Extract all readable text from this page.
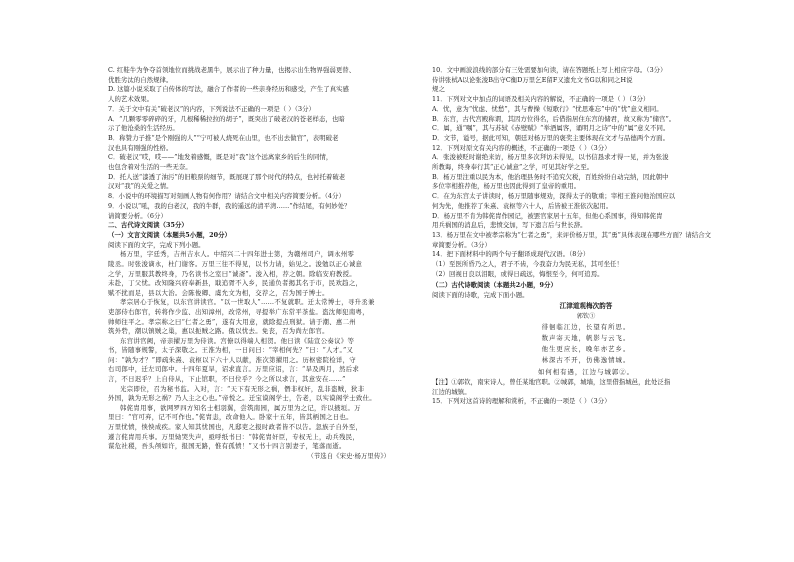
C. 红鞋牛为争夺首领地位而挑战老黑牛，展示出了种力量，也揭示出生物界强弱更替、
优胜劣汰的自然规律。
D. 这篇小说采取了自传体的写法，融合了作者的一些亲身经历和感受，产生了真实感
人的艺术效果。
7．关于文中有关“破老汉”的内容，下列说法不正确的一项是（ ）（3分）
A．“几颗零零碎碎的牙，几根稀稀拉拉的胡子”，既突出了破老汉的苍老样态，也暗
示了他沧桑的生活经历。
B．称赞力子推“是个刚强的人”“宁可被人烧死在山里，也不出去做官”，表明破老
汉也具有刚强的性格。
C．破老汉“哎，哎——”地发着感慨，既是对“我”这个远离家乡的后生的同情，
也包含着对生活的一些无奈。
D．托人送“漆透了油污”的旧粮票的细节，既展现了那个时代的特点，也衬托着破老
汉对“我”的关爱之情。
8．小说中的环境描写对刻画人物有何作用？请结合文中相关内容简要分析。（4分）
9．小说以“吼，我的白老汉，我的牛群，我的遥远的清平湾……”作结尾，有何妙处？
请简要分析。（6分）
二、古代诗文阅读（35分）
（一）文言文阅读（本题共5小题，20分）
阅读下面的文字，完成下列小题。
杨万里，字廷秀，吉州吉水人。中绍兴二十四年进士第，为赣州司户，调永州零
陵丞。时张浚谪永，杜门谢客。万里三往不得见，以书力请，始见之。浚勉以正心诚意
之学，万里服其教终身，乃名读书之室曰“诚斋”。浚入相，荐之朝。除临安府教授。
未赴，丁父忧。改知隆兴府奉新县，戢追胥不入乡，民通负者揭其名于市，民欢趋之，
赋不扰而足，县以大治。会陈俊卿、虞允文为相，交荐之，召为国子博士。
孝宗居心于恢复，以东宫讲读官。“以一世取人”……不复就职。迁太常博士，寻升丞兼
吏部侍右郎官，转将作少监、出知漳州，改常州，寻提举广东常平茶盐。盗沈师犯南粤，
帅师往平之。孝宗称之曰“仁者之勇”，遂有大用意，就除提点刑狱。请于潮、惠二州
筑外砦，潮以镇贼之巢，惠以扼贼之路。俄以忧去。免丧，召为尚左郎官。
东宫讲官阙，帝亲擢万里为侍读。宫僚以得端人相贺。他日读《陆宣公奏议》等
书，皆随事规警，太子深敬之。王淮为相，一日问曰：“宰相何先？”曰：“人才。”又
问：“孰为才？”即疏朱熹、袁枢以下六十人以献，淮次第擢用之。历枢密院检详，守
右司郎中，迁左司郎中。十四年夏旱，诏求直言。万里应诏，言：“旱及两月，然后求
言，不日迟乎？上自侍从，下止馆职，不曰位乎？今之所以求言，其意安在……”
光宗即位，召为秘书监。入对，言：“天下有无形之祸，僭非权奸，乱非盗贼，狄非
外国，孰为无形之祸？乃人主之心也。”帝悦之。迁宝谟阁学士，告老，以实谟阁学士致仕。
韩侂胄用事，欲网罗四方知名士相羽翼，尝筑南园，属万里为之记，许以掖垣。万
里曰：“官可弃，记不可作也。”侂胄恚，改命他人。卧家十五年，皆其柄国之日也。
万里忧愤，怏怏成疾。家人知其忧国也，凡邸吏之报时政者皆不以告。忽族子自外至，
遽言侂胄用兵事。万里恸哭失声，亟呼纸书曰：“韩侂胄奸臣，专权无上，动兵残民，
谋危社稷，吾头颅如许，报国无路，惟有孤愤！”又书十四言别妻子，笔落而逝。
（节选自《宋史·杨万里传》）
10．文中画波浪线的部分有三处需要加句读，请在答题纸上写上相应字母。（3分）
侍讲张栻A以论张浚B出守C衡D万里乞E留F又遗允文书G以和同之H说
规之
11．下列对文中加点的词语及相关内容的解说，不正确的一项是（ ）（3分）
A．忧，意为“忧虑、忧愁”，其与曹操《短歌行》“忧思难忘”中的“忧”意义相同。
B．东宫，古代宫殿称谓，其因方位得名，后借指居住东宫的储君，故又称为“储宫”。
C．属，通“嘱”，其与苏轼《赤壁赋》“举酒属客，诵明月之诗”中的“属”意义不同。
D．文节，谥号，据此可知，朝廷对杨万里的褒奖主要体现在文才与品德两个方面。
12．下列对原文有关内容的概述，不正确的一项是（ ）（3分）
A．张浚被贬时谢绝来访，杨万里多次拜访未得见，以书信恳求才得一见，并为张浚
所教诲，终身奉行其“正心诚意”之学，可见其好学之至。
B．杨万里注重以民为本，他治理县务时不追究欠税，百姓纷纷自动完纳，因此朝中
多位宰相推荐他，杨万里也因此得到了皇帝的重用。
C．在为东宫太子讲读时，杨万里随事规劝，深得太子的敬重；宰相王淮问他治国应以
何为先，他推荐了朱熹、袁枢等六十人，后皆被王淮依次起用。
D．杨万里不肯为韩侂胄作园记，被罢官家居十五年，但他心系国事，得知韩侂胄
用兵祸国的消息后，悲愤交加，写下遗言后与世长辞。
13．杨万里在文中被孝宗称为“仁者之勇”，来评价杨万里，其“勇”具体表现在哪些方面？请结合文
章简要分析。（3分）
14．把下面材料中的两个句子翻译成现代汉语。（8分）
（1）至医所昏乃之人，君子不齿，今我奋力为民无私，其可坐任！
（2）回视日良以泪眼，或得日疏远，悔恨至今，何可追焉。
（二）古代诗歌阅读（本题共2小题，9分）
阅读下面的诗歌，完成下面小题。
江津道观梅次韵答
郭钦①
徘徊临江边，长望有所思。
数声寄天地，帆影与云飞。
他生更应长，晚年亦艺乡。
林深古不开，仿佛逸情城。
如何相有遇，江边与城郭②。
【注】①郭钦，南宋诗人，曾任某地官职。②城郭，城墙，这里借指城邑，此处泛指
江边的城镇。
15．下列对这首诗的理解和赏析，不正确的一项是（ ）（3分）
